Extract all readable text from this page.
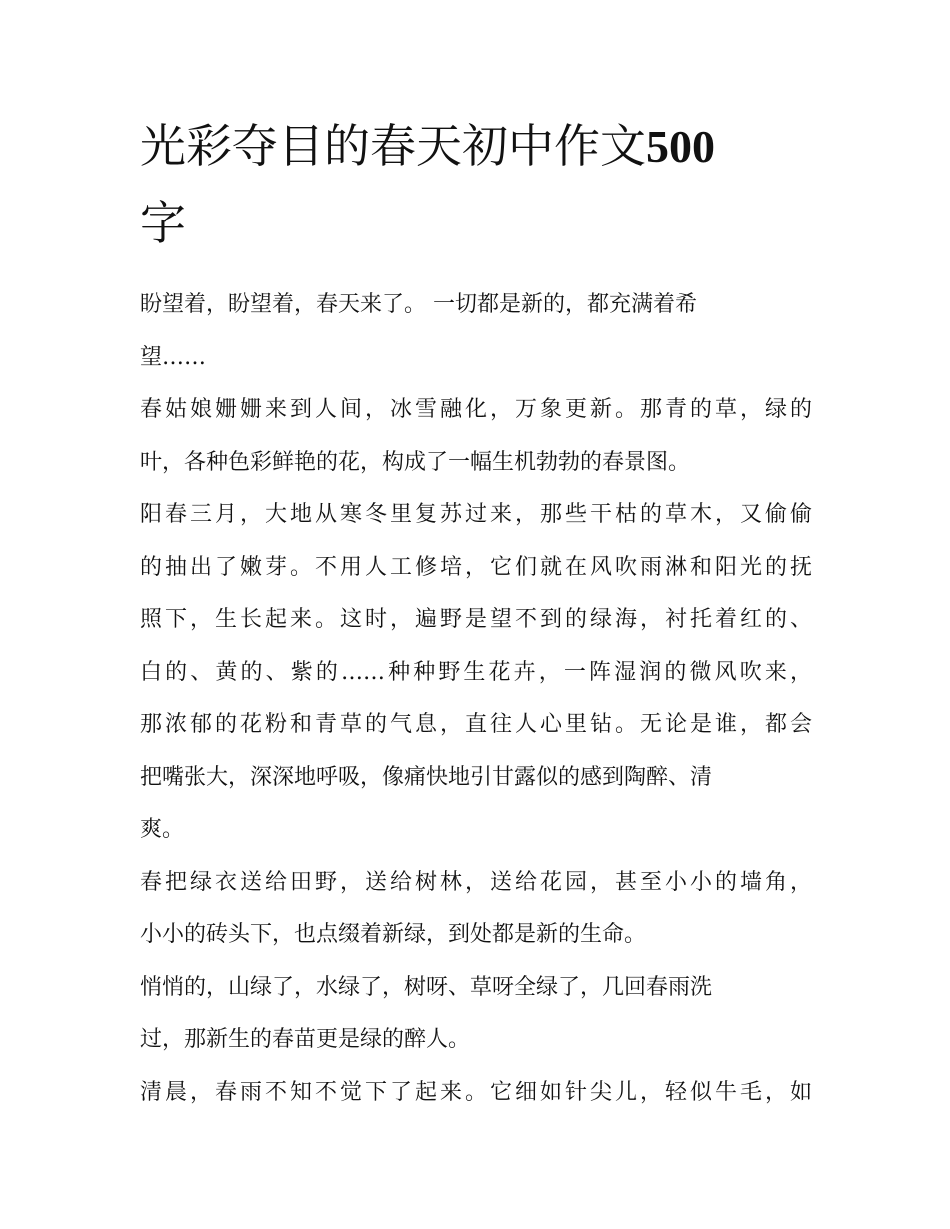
光彩夺目的春天初中作文500
字
盼望着，盼望着，春天来了。 一切都是新的，都充满着希
望……
春姑娘姗姗来到人间，冰雪融化，万象更新。那青的草，绿的
叶，各种色彩鲜艳的花，构成了一幅生机勃勃的春景图。
阳春三月，大地从寒冬里复苏过来，那些干枯的草木，又偷偷
的抽出了嫩芽。不用人工修培，它们就在风吹雨淋和阳光的抚
照下，生长起来。这时，遍野是望不到的绿海，衬托着红的、
白的、黄的、紫的……种种野生花卉，一阵湿润的微风吹来，
那浓郁的花粉和青草的气息，直往人心里钻。无论是谁，都会
把嘴张大，深深地呼吸，像痛快地引甘露似的感到陶醉、清
爽。
春把绿衣送给田野，送给树林，送给花园，甚至小小的墙角，
小小的砖头下，也点缀着新绿，到处都是新的生命。
悄悄的，山绿了，水绿了，树呀、草呀全绿了，几回春雨洗
过，那新生的春苗更是绿的醉人。
清晨，春雨不知不觉下了起来。它细如针尖儿，轻似牛毛，如
